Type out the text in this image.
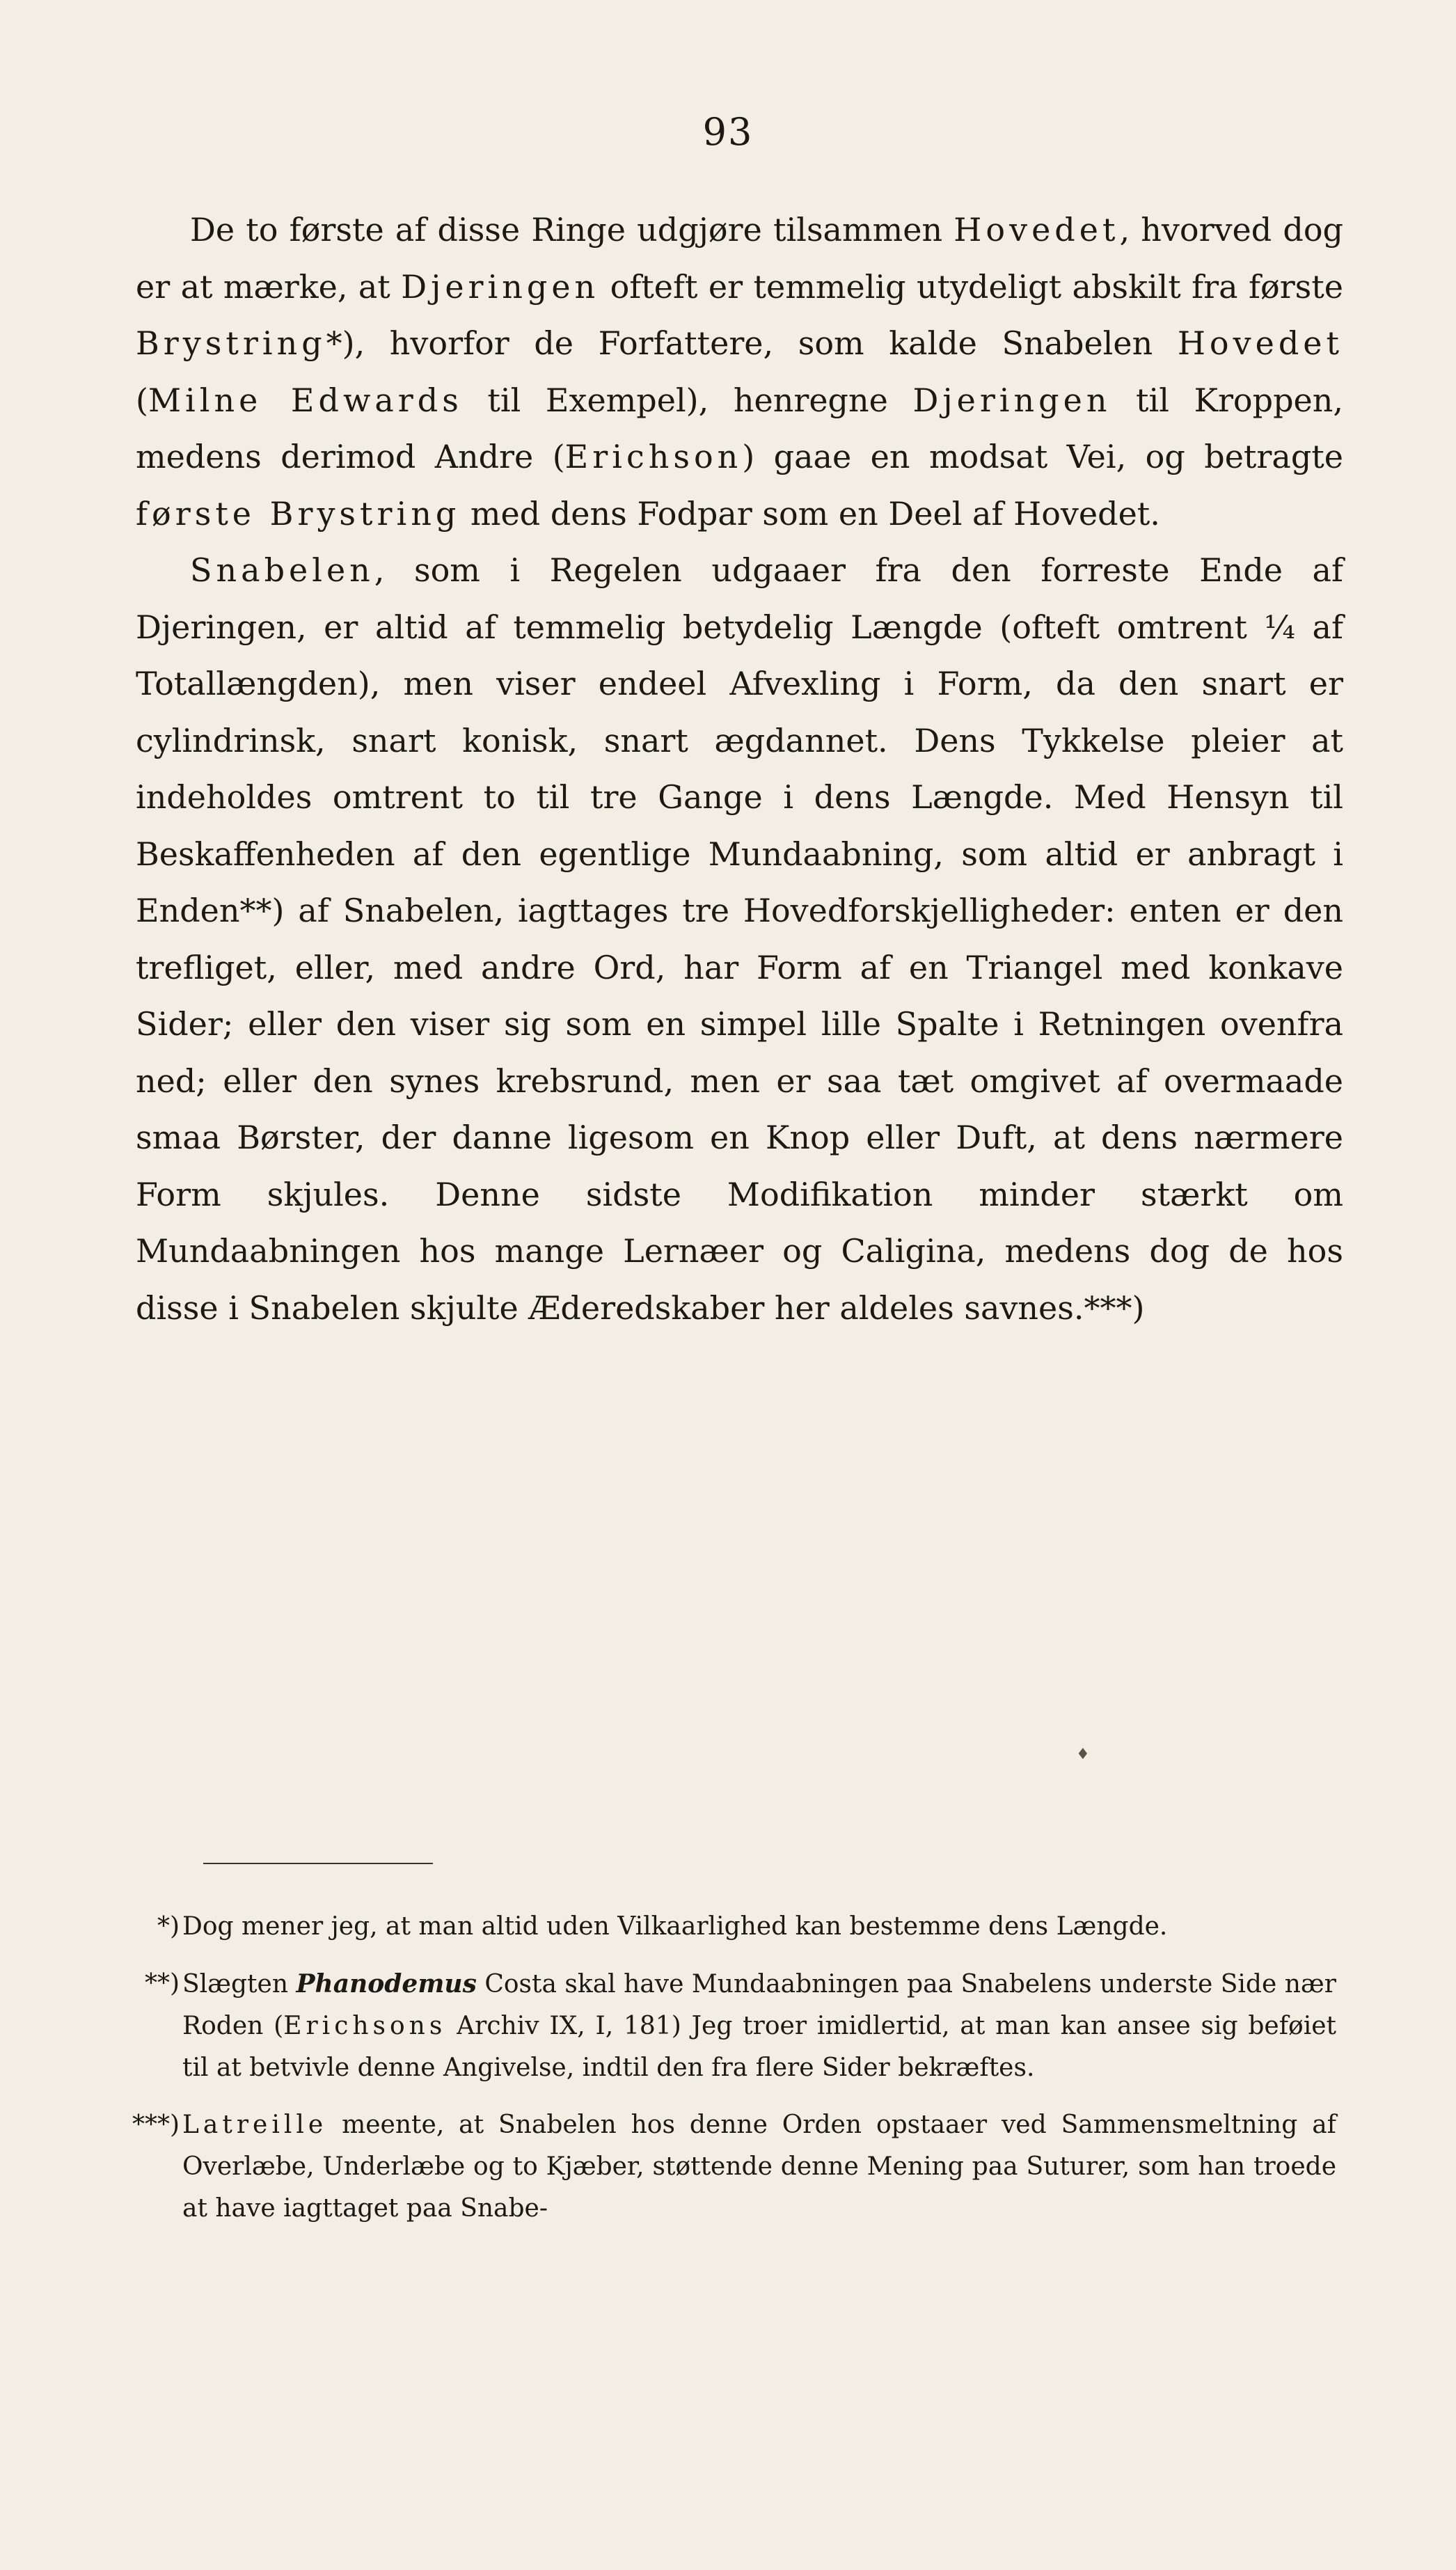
93

De to første af disse Ringe udgjøre tilsammen Hovedet, hvorved dog er at mærke, at Djeringen ofteft er temmelig utydeligt abskilt fra første Brystring*), hvorfor de Forfattere, som kalde Snabelen Hovedet (Milne Edwards til Exempel), henregne Djeringen til Kroppen, medens derimod Andre (Erichson) gaae en modsat Vei, og betragte første Brystring med dens Fodpar som en Deel af Hovedet.

Snabelen, som i Regelen udgaaer fra den forreste Ende af Djeringen, er altid af temmelig betydelig Længde (ofteft omtrent ¼ af Totallængden), men viser endeel Afvexling i Form, da den snart er cylindrinsk, snart konisk, snart ægdannet. Dens Tykkelse pleier at indeholdes omtrent to til tre Gange i dens Længde. Med Hensyn til Beskaffenheden af den egentlige Mundaabning, som altid er anbragt i Enden**) af Snabelen, iagttages tre Hovedforskjelligheder: enten er den trefliget, eller, med andre Ord, har Form af en Triangel med konkave Sider; eller den viser sig som en simpel lille Spalte i Retningen ovenfra ned; eller den synes krebsrund, men er saa tæt omgivet af overmaade smaa Børster, der danne ligesom en Knop eller Duft, at dens nærmere Form skjules. Denne sidste Modifikation minder stærkt om Mundaabningen hos mange Lernæer og Caligina, medens dog de hos disse i Snabelen skjulte Æderedskaber her aldeles savnes.***)

♦
*) Dog mener jeg, at man altid uden Vilkaarlighed kan bestemme dens Længde.
**) Slægten Phanodemus Costa skal have Mundaabningen paa Snabelens underste Side nær Roden (Erichsons Archiv IX, I, 181) Jeg troer imidlertid, at man kan ansee sig beføiet til at betvivle denne Angivelse, indtil den fra flere Sider bekræftes.
***) Latreille meente, at Snabelen hos denne Orden opstaaer ved Sammensmeltning af Overlæbe, Underlæbe og to Kjæber, støttende denne Mening paa Suturer, som han troede at have iagttaget paa Snabe-
